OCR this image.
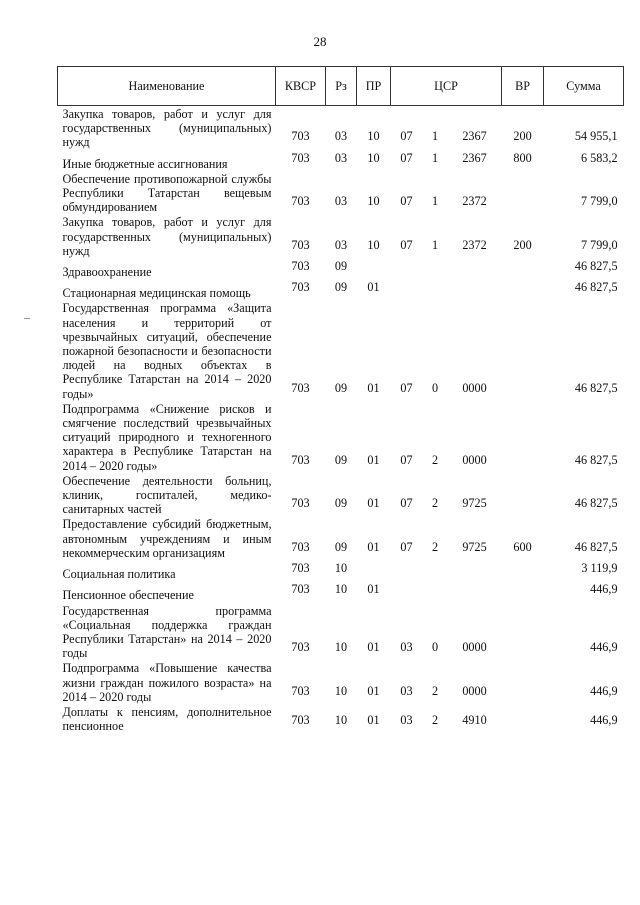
28
Наименование	КВСР	Рз	ПР	ЦСР			ВР	Сумма
Закупка товаров, работ и услуг для государственных (муниципальных) нужд	703	03	10	07	1	2367	200	54 955,1
Иные бюджетные ассигнования	703	03	10	07	1	2367	800	6 583,2
Обеспечение противопожарной службы Республики Татарстан вещевым обмундированием	703	03	10	07	1	2372		7 799,0
Закупка товаров, работ и услуг для государственных (муниципальных) нужд	703	03	10	07	1	2372	200	7 799,0
Здравоохранение	703	09						46 827,5
Стационарная медицинская помощь	703	09	01					46 827,5
Государственная программа «Защита населения и территорий от чрезвычайных ситуаций, обеспечение пожарной безопасности и безопасности людей на водных объектах в Республике Татарстан на 2014 – 2020 годы»	703	09	01	07	0	0000		46 827,5
Подпрограмма «Снижение рисков и смягчение последствий чрезвычайных ситуаций природного и техногенного характера в Республике Татарстан на 2014 – 2020 годы»	703	09	01	07	2	0000		46 827,5
Обеспечение деятельности больниц, клиник, госпиталей, медико-санитарных частей	703	09	01	07	2	9725		46 827,5
Предоставление субсидий бюджетным, автономным учреждениям и иным некоммерческим организациям	703	09	01	07	2	9725	600	46 827,5
Социальная политика	703	10						3 119,9
Пенсионное обеспечение	703	10	01					446,9
Государственная программа «Социальная поддержка граждан Республики Татарстан» на 2014 – 2020 годы	703	10	01	03	0	0000		446,9
Подпрограмма «Повышение качества жизни граждан пожилого возраста» на 2014 – 2020 годы	703	10	01	03	2	0000		446,9
Доплаты к пенсиям, дополнительное пенсионное	703	10	01	03	2	4910		446,9
